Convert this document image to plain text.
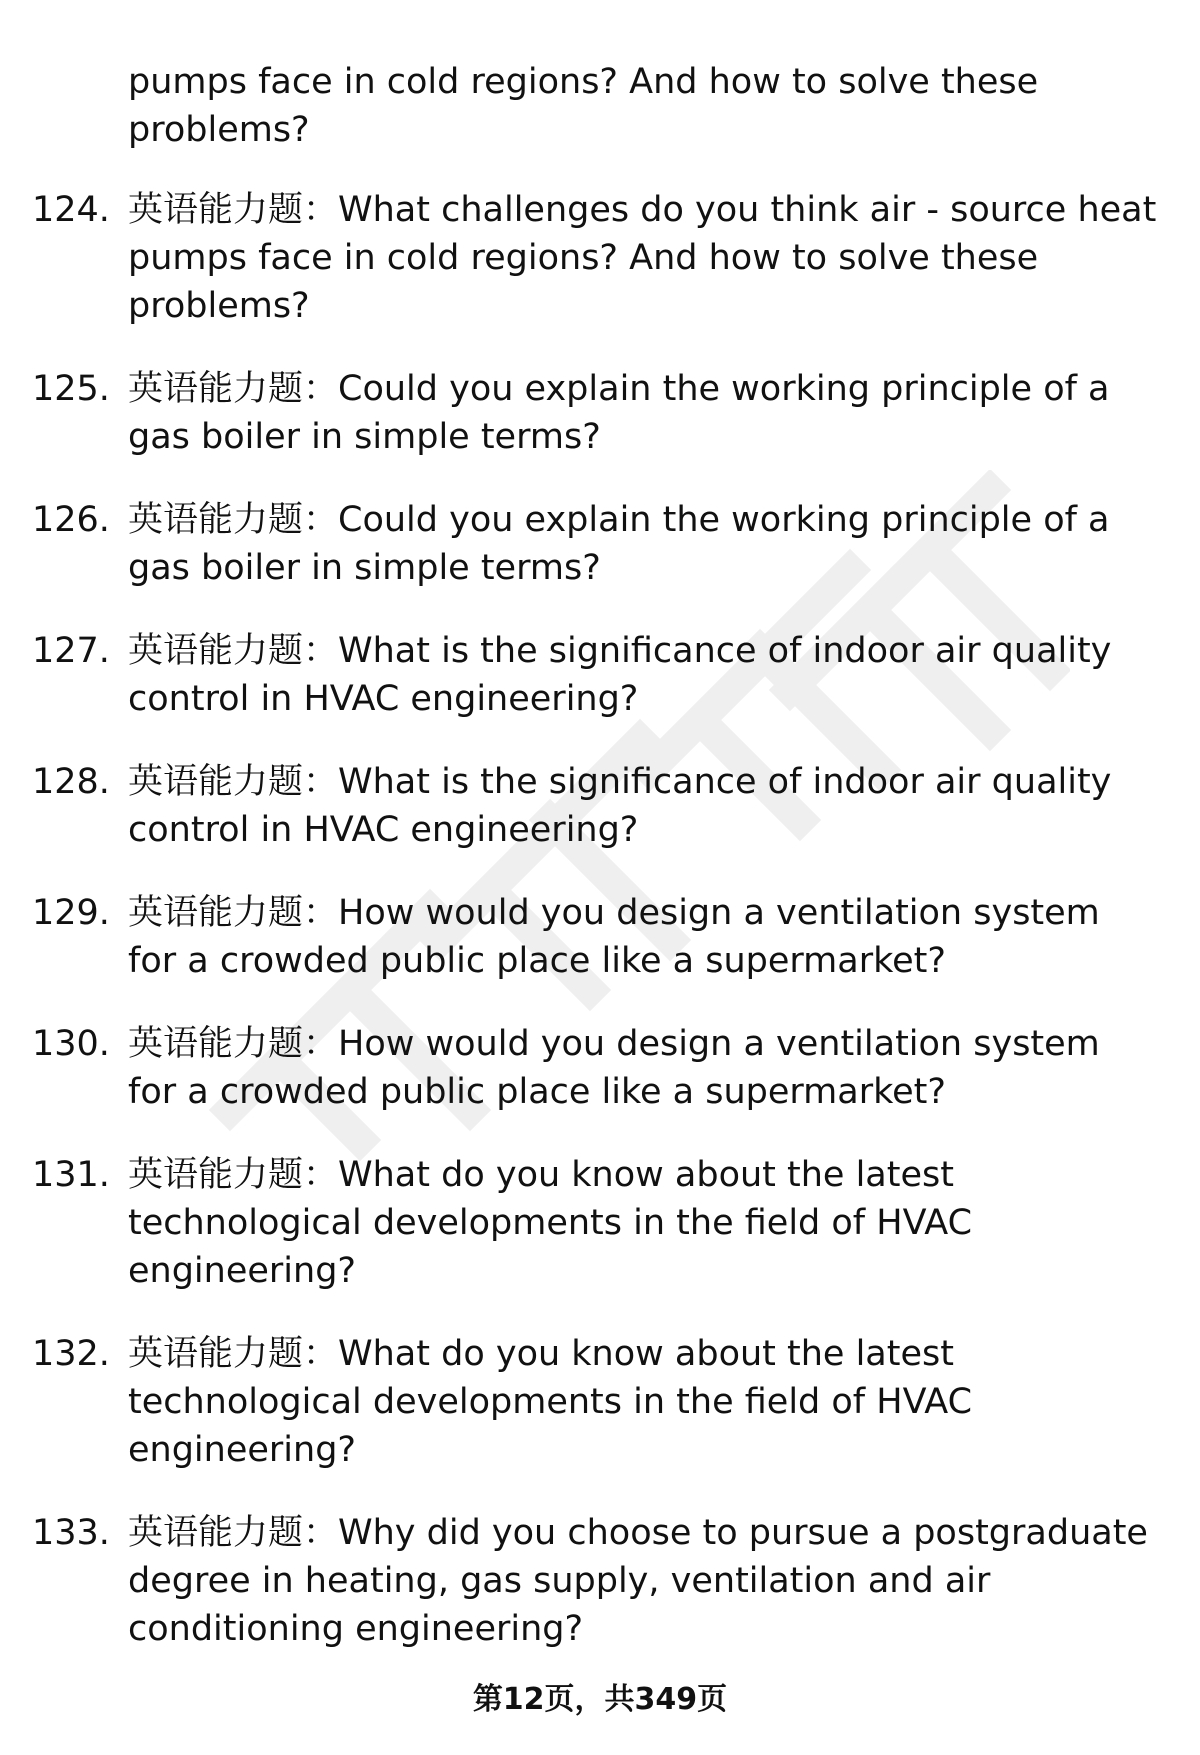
pumps face in cold regions? And how to solve these problems?
124. 英语能力题：What challenges do you think air - source heat pumps face in cold regions? And how to solve these problems?
125. 英语能力题：Could you explain the working principle of a gas boiler in simple terms?
126. 英语能力题：Could you explain the working principle of a gas boiler in simple terms?
127. 英语能力题：What is the significance of indoor air quality control in HVAC engineering?
128. 英语能力题：What is the significance of indoor air quality control in HVAC engineering?
129. 英语能力题：How would you design a ventilation system for a crowded public place like a supermarket?
130. 英语能力题：How would you design a ventilation system for a crowded public place like a supermarket?
131. 英语能力题：What do you know about the latest technological developments in the field of HVAC engineering?
132. 英语能力题：What do you know about the latest technological developments in the field of HVAC engineering?
133. 英语能力题：Why did you choose to pursue a postgraduate degree in heating, gas supply, ventilation and air conditioning engineering?
第12页，共349页
